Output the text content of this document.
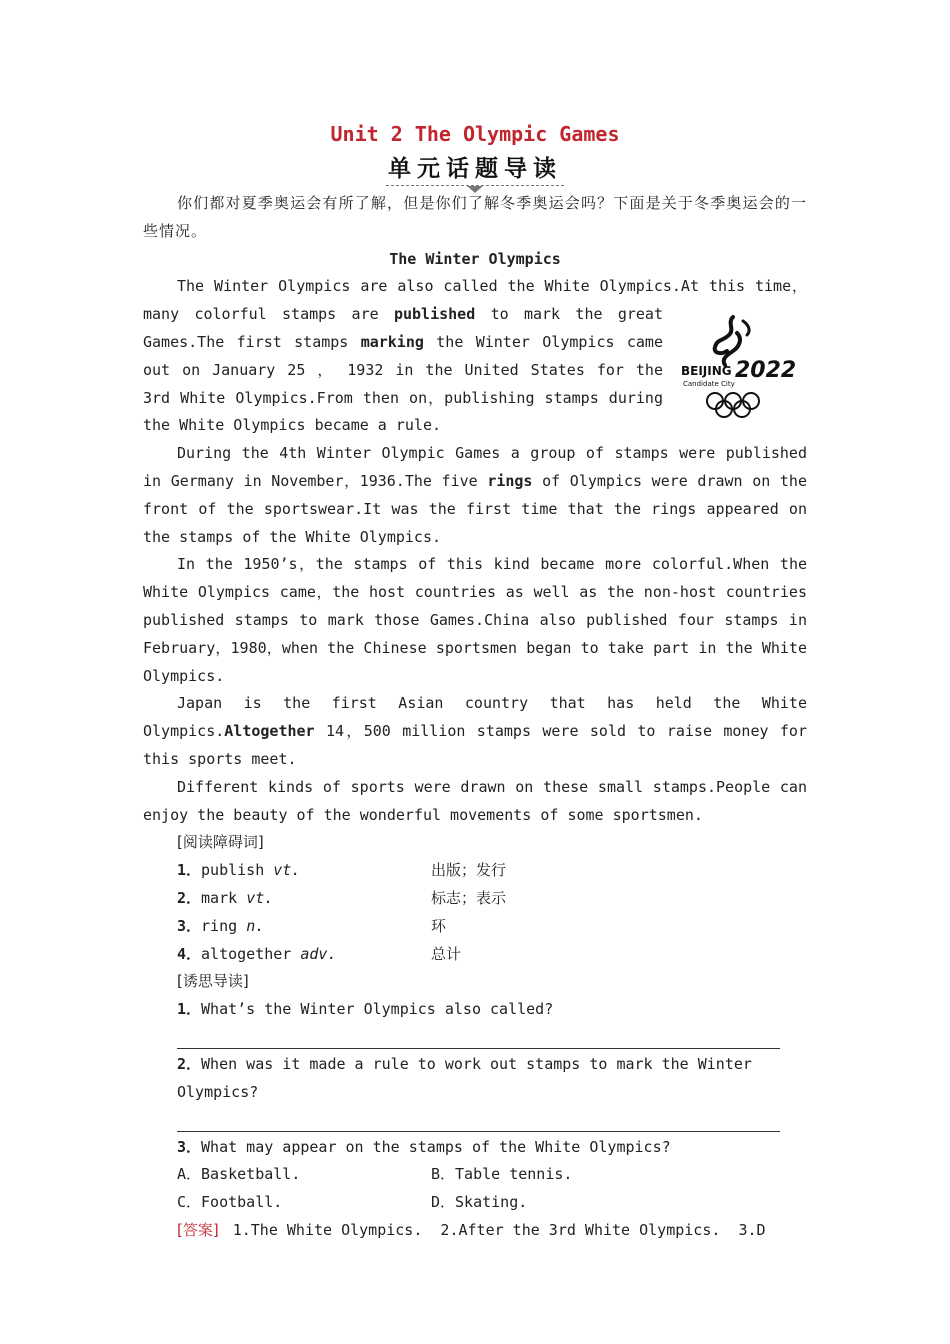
Unit 2 The Olympic Games
单元话题导读

你们都对夏季奥运会有所了解，但是你们了解冬季奥运会吗？下面是关于冬季奥运会的一些情况。

The Winter Olympics

The Winter Olympics are also called the White Olympics.At this time，many colorful stamps are published
BEIJING 2022
Candidate City
to mark the great Games.The first stamps marking the Winter Olympics came out on January 25 ， 1932 in the United States for the 3rd White Olympics.From then on，publishing stamps during the White Olympics became a rule.

During the 4th Winter Olympic Games a group of stamps were published in Germany in November，1936.The five rings of Olympics were drawn on the front of the sportswear.It was the first time that the rings appeared on the stamps of the White Olympics.

In the 1950’s，the stamps of this kind became more colorful.When the White Olympics came，the host countries as well as the non-host countries published stamps to mark those Games.China also published four stamps in February，1980，when the Chinese sportsmen began to take part in the White Olympics.

Japan is the first Asian country that has held the White Olympics.Altogether 14，500 million stamps were sold to raise money for this sports meet.

Different kinds of sports were drawn on these small stamps.People can enjoy the beauty of the wonderful movements of some sportsmen.

[阅读障碍词]
1．publish vt.	出版；发行
2．mark vt.	标志；表示
3．ring n.	环
4．altogether adv.	总计
[诱思导读]
1．What’s the Winter Olympics also called?
2．When was it made a rule to work out stamps to mark the Winter Olympics?
3．What may appear on the stamps of the White Olympics?
A．Basketball.	B．Table tennis.
C．Football.	D．Skating.
[答案] 1.The White Olympics.  2.After the 3rd White Olympics.  3.D
